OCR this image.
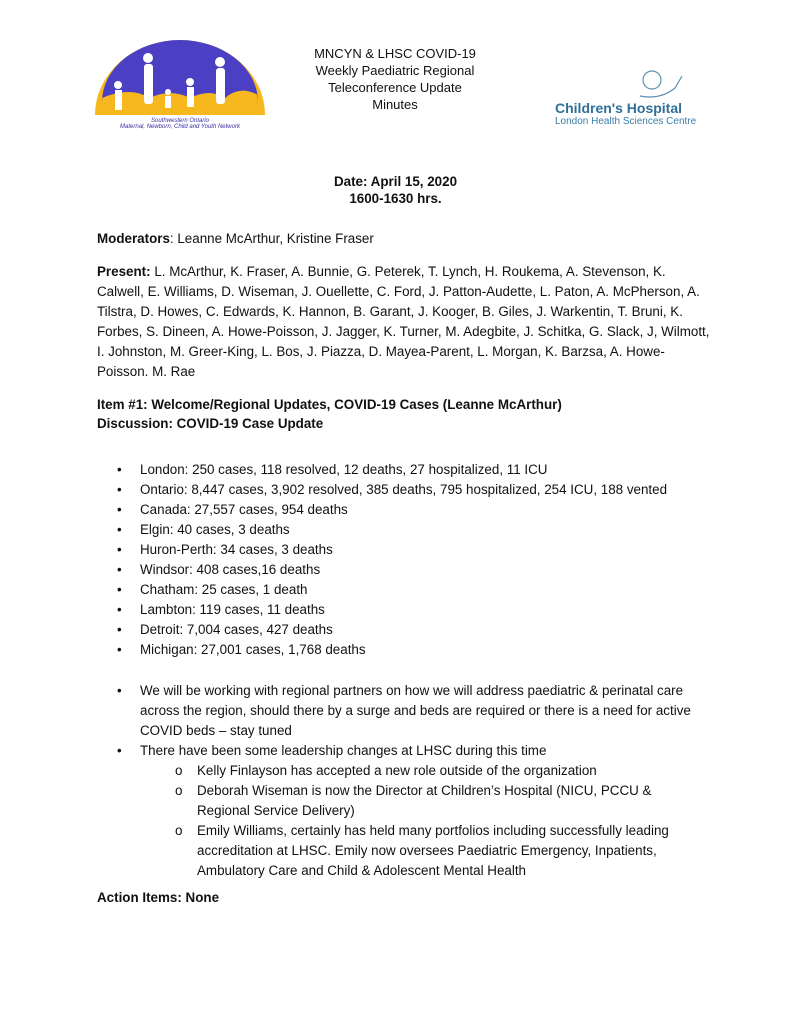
Southwestern Ontario
Maternal, Newborn, Child and Youth Network
MNCYN & LHSC COVID-19
Weekly Paediatric Regional
Teleconference Update
Minutes	Children's Hospital
London Health Sciences Centre
Date: April 15, 2020
1600-1630 hrs.
Moderators: Leanne McArthur, Kristine Fraser
Present: L. McArthur, K. Fraser, A. Bunnie, G. Peterek, T. Lynch, H. Roukema, A. Stevenson, K. Calwell, E. Williams, D. Wiseman, J. Ouellette, C. Ford, J. Patton-Audette, L. Paton, A. McPherson, A. Tilstra, D. Howes, C. Edwards, K. Hannon, B. Garant, J. Kooger, B. Giles, J. Warkentin, T. Bruni, K. Forbes, S. Dineen, A. Howe-Poisson, J. Jagger, K. Turner, M. Adegbite, J. Schitka, G. Slack, J, Wilmott, I. Johnston, M. Greer-King, L. Bos, J. Piazza, D. Mayea-Parent, L. Morgan, K. Barzsa, A. Howe-Poisson. M. Rae
Item #1: Welcome/Regional Updates, COVID-19 Cases (Leanne McArthur)
Discussion: COVID-19 Case Update
• London: 250 cases, 118 resolved, 12 deaths, 27 hospitalized, 11 ICU
• Ontario: 8,447 cases, 3,902 resolved, 385 deaths, 795 hospitalized, 254 ICU, 188 vented
• Canada: 27,557 cases, 954 deaths
• Elgin: 40 cases, 3 deaths
• Huron-Perth: 34 cases, 3 deaths
• Windsor: 408 cases,16 deaths
• Chatham: 25 cases, 1 death
• Lambton: 119 cases, 11 deaths
• Detroit: 7,004 cases, 427 deaths
• Michigan: 27,001 cases, 1,768 deaths
• We will be working with regional partners on how we will address paediatric & perinatal care across the region, should there by a surge and beds are required or there is a need for active COVID beds – stay tuned
• There have been some leadership changes at LHSC during this time
o Kelly Finlayson has accepted a new role outside of the organization
o Deborah Wiseman is now the Director at Children’s Hospital (NICU, PCCU & Regional Service Delivery)
o Emily Williams, certainly has held many portfolios including successfully leading accreditation at LHSC. Emily now oversees Paediatric Emergency, Inpatients, Ambulatory Care and Child & Adolescent Mental Health
Action Items: None
